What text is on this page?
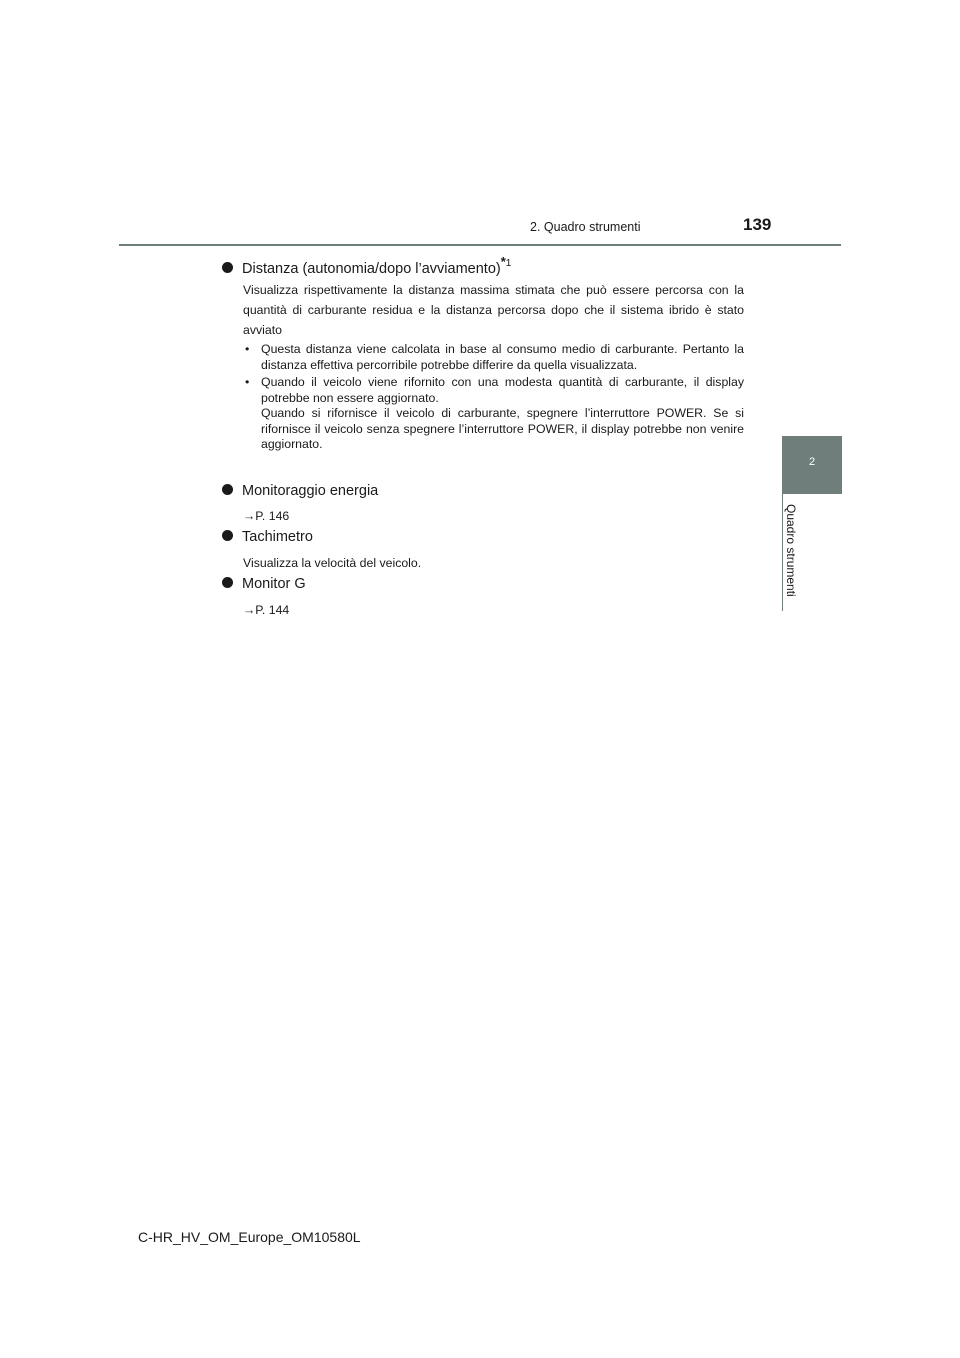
2. Quadro strumenti	139
2
Quadro strumenti
Distanza (autonomia/dopo l’avviamento)$^{*1}$
Visualizza rispettivamente la distanza massima stimata che può essere percorsa con la quantità di carburante residua e la distanza percorsa dopo che il sistema ibrido è stato avviato
• Questa distanza viene calcolata in base al consumo medio di carburante. Pertanto la distanza effettiva percorribile potrebbe differire da quella visualizzata.
• Quando il veicolo viene rifornito con una modesta quantità di carburante, il display potrebbe non essere aggiornato.
Quando si rifornisce il veicolo di carburante, spegnere l’interruttore POWER. Se si rifornisce il veicolo senza spegnere l’interruttore POWER, il display potrebbe non venire aggiornato.
Monitoraggio energia
→P. 146
Tachimetro
Visualizza la velocità del veicolo.
Monitor G
→P. 144
C-HR_HV_OM_Europe_OM10580L
